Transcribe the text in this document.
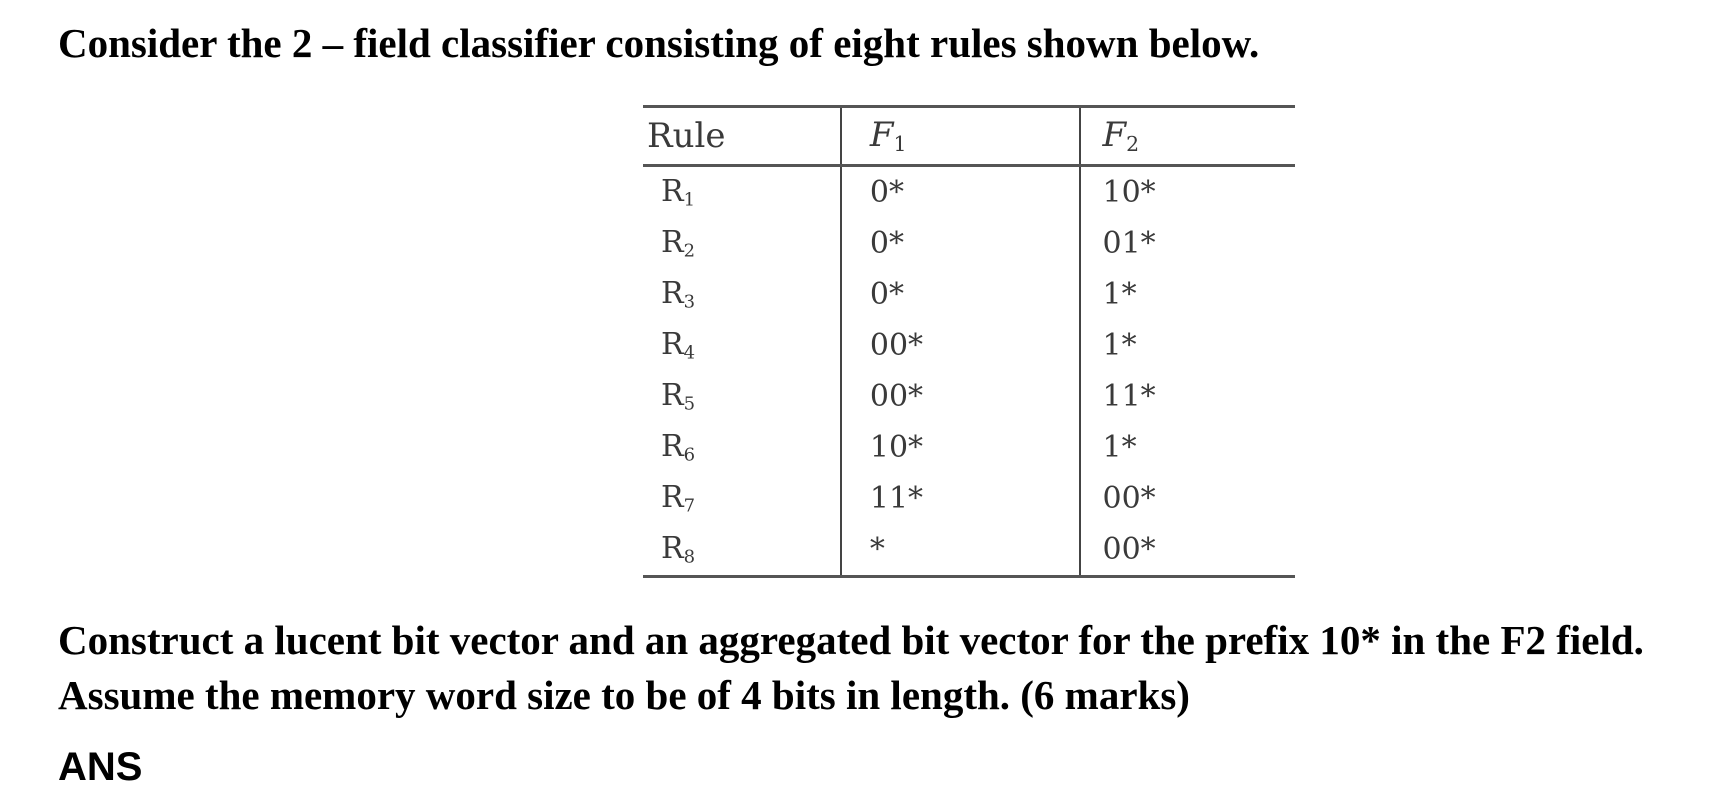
Consider the 2 – field classifier consisting of eight rules shown below.
Rule	$F_1$	$F_2$
$R_1$	0*	10*
$R_2$	0*	01*
$R_3$	0*	1*
$R_4$	00*	1*
$R_5$	00*	11*
$R_6$	10*	1*
$R_7$	11*	00*
$R_8$	*	00*

Construct a lucent bit vector and an aggregated bit vector for the prefix 10* in the F2 field. Assume the memory word size to be of 4 bits in length. (6 marks)

ANS
